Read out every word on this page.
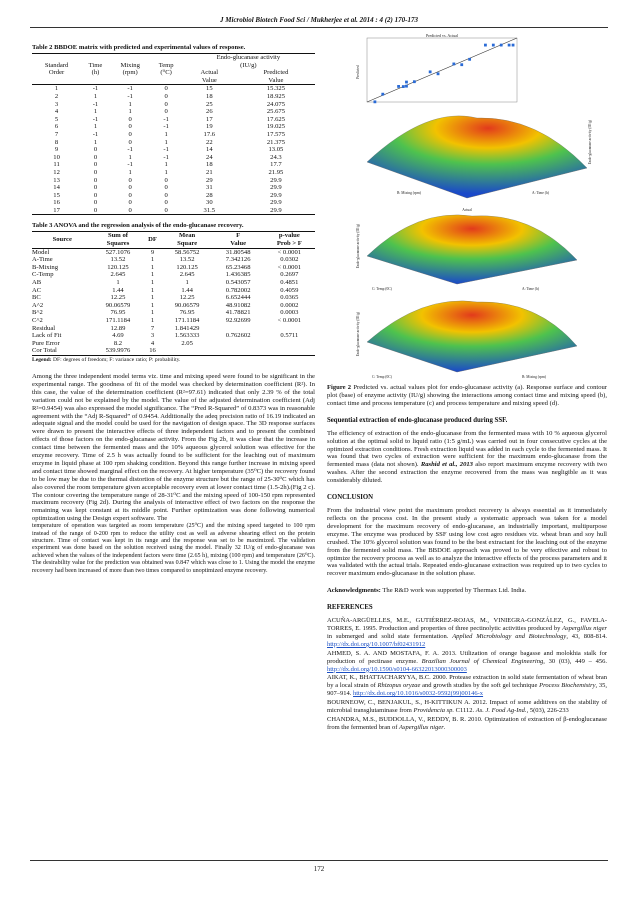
J Microbiol Biotech Food Sci / Mukherjee et al. 2014 : 4 (2) 170-173
Table 2 BBDOE matrix with predicted and experimental values of response.
				Endo-glucanase activity	
Standard	Time	Mixing	Temp	(IU/g)	
Order	(h)	(rpm)	(⁰C)	Actual	Predicted
				Value	Value
1	-1	-1	0	15	15.325
2	1	-1	0	18	18.925
3	-1	1	0	25	24.075
4	1	1	0	26	25.675
5	-1	0	-1	17	17.625
6	1	0	-1	19	19.025
7	-1	0	1	17.6	17.575
8	1	0	1	22	21.375
9	0	-1	-1	14	13.05
10	0	1	-1	24	24.3
11	0	-1	1	18	17.7
12	0	1	1	21	21.95
13	0	0	0	29	29.9
14	0	0	0	31	29.9
15	0	0	0	28	29.9
16	0	0	0	30	29.9
17	0	0	0	31.5	29.9
Table 3 ANOVA and the regression analysis of the endo-glucanase recovery.
Source	Sum of	DF	Mean	F	p-value
	Squares		Square	Value	Prob > F
Model	527.1076	9	58.56752	31.80548	< 0.0001
A-Time	13.52	1	13.52	7.342126	0.0302
B-Mixing	120.125	1	120.125	65.23468	< 0.0001
C-Temp	2.645	1	2.645	1.436385	0.2697
AB	1	1	1	0.543057	0.4851
AC	1.44	1	1.44	0.782002	0.4059
BC	12.25	1	12.25	6.652444	0.0365
A^2	90.06579	1	90.06579	48.91082	0.0002
B^2	76.95	1	76.95	41.78821	0.0003
C^2	171.1184	1	171.1184	92.92699	< 0.0001
Residual	12.89	7	1.841429		
Lack of Fit	4.69	3	1.563333	0.762602	0.5711
Pure Error	8.2	4	2.05		
Cor Total	539.9976	16			
Legend: DF: degrees of freedom; F: variance ratio; P: probability.
Among the three independent model terms viz. time and mixing speed were found to be significant in the experimental range. The goodness of fit of the model was checked by determination coefficient (R²). In this case, the value of the determination coefficient (R²=97.61) indicated that only 2.39 % of the total variation could not be explained by the model. The value of the adjusted determination coefficient (Adj R²=0.9454) was also expressed the model significance. The “Pred R-Squared” of 0.8373 was in reasonable agreement with the “Adj R-Squared” of 0.9454. Additionally the adeq precision ratio of 16.19 indicated an adequate signal and the model could be used for the navigation of design space. The 3D response surfaces were drawn to present the interactive effects of three independent factors and to present the combined effects of those factors on the endo-glucanase activity. From the Fig 2b, it was clear that the increase in contact time between the fermented mass and the 10% aqueous glycerol solution was effective for the enzyme recovery. Time of 2.5 h was actually found to be sufficient for the leaching out of maximum enzyme in liquid phase at 100 rpm shaking condition. Beyond this range further increase in mixing speed and contact time showed marginal effect on the recovery. At higher temperature (35⁰C) the recovery found to be low may be due to the thermal distortion of the enzyme structure but the range of 25-30⁰C which has also covered the room temperature given acceptable recovery even at lower contact time (1.5-2h).(Fig 2 c). The contour covering the temperature range of 28-31⁰C and the mixing speed of 100-150 rpm represented maximum recovery (Fig 2d). During the analysis of interactive effect of two factors on the response the remaining was kept constant at its middle point. Further optimization was done following numerical optimization using the Design expert software. The
temperature of operation was targeted as room temperature (25⁰C) and the mixing speed targeted to 100 rpm instead of the range of 0-200 rpm to reduce the utility cost as well as adverse shearing effect on the protein structure. Time of contact was kept in its range and the response was set to be maximized. The validation experiment was done based on the solution received using the model. Finally 32 IU/g of endo-glucanase was achieved when the values of the independent factors were time (2.65 h), mixing (100 rpm) and temperature (26⁰C). The desirability value for the prediction was obtained was 0.847 which was close to 1. Using the model the enzyme recovery had been increased of more than two times compared to unoptimized enzyme recovery.
Predicted vs. Actual
Predicted
Endo-glucanase activity (IU/g)
B: Mixing (rpm)	A: Time (h)
Actual
Endo-glucanase activity (IU/g)
C: Temp (0C)	A: Time (h)
Endo-glucanase activity (IU/g)
C: Temp (0C)	B: Mixing (rpm)
Figure 2 Predicted vs. actual values plot for endo-glucanase activity (a). Response surface and contour plot (base) of enzyme activity (IU/g) showing the interactions among contact time and mixing speed (b), contact time and process temperature (c) and process temperature and mixing speed (d).
Sequential extraction of endo-glucanase produced during SSF.
The efficiency of extraction of the endo-glucanase from the fermented mass with 10 % aqueous glycerol solution at the optimal solid to liquid ratio (1:5 g/mL) was carried out in four consecutive cycles at the optimized extraction conditions. Fresh extraction liquid was added in each cycle to the fermented mass. It was found that two cycles of extraction were sufficient for the maximum endo-glucanase from the fermented mass (data not shown). Rashid et al., 2013 also report maximum enzyme recovery with two washes. After the second extraction the enzyme recovered from the mass was negligible as it was considerably diluted.
CONCLUSION
From the industrial view point the maximum product recovery is always essential as it immediately reflects on the process cost. In the present study a systematic approach was taken for a model development for the maximum recovery of endo-glucanase, an industrially important, multipurpose enzyme. The enzyme was produced by SSF using low cost agro residues viz. wheat bran and soy hull crushed. The 10% glycerol solution was found to be the best extractant for the leaching out of the enzyme from the fermented solid mass. The BBDOE approach was proved to be very effective and robust to optimize the recovery process as well as to analyze the interactive effects of the process parameters and it was validated with the actual trials. Repeated endo-glucanase extraction was required up to two cycles to recover maximum endo-glucanase in the solution phase.
Acknowledgments: The R&D work was supported by Thermax Ltd. India.
REFERENCES
ACUÑA-ARGÜELLES, M.E., GUTIÉRREZ-ROJAS, M., VINIEGRA-GONZÁLEZ, G., FAVELA-TORRES, E. 1995. Production and properties of three pectinolytic activities produced by Aspergillus niger in submerged and solid state fermentation. Applied Microbiology and Biotechnology, 43, 808-814. http://dx.doi.org/10.1007/bf02431912
AHMED, S. A. AND MOSTAFA, F. A. 2013. Utilization of orange bagasse and molokhia stalk for production of pectinase enzyme. Brazilian Journal of Chemical Engineering, 30 (03), 449 – 456. http://dx.doi.org/10.1590/s0104-66322013000300003
AIKAT, K., BHATTACHARYYA, B.C. 2000. Protease extraction in solid state fermentation of wheat bran by a local strain of Rhizopus oryzae and growth studies by the soft gel technique Process Biochemistry, 35, 907–914. http://dx.doi.org/10.1016/s0032-9592(99)00146-x
BOURNEOW, C., BENJAKUL, S., H-KITTIKUN A. 2012. Impact of some additives on the stability of microbial transglutaminase from Providencia sp. C1112. As. J. Food Ag-Ind., 5(03), 226-233
CHANDRA, M.S., BUDDOLLA, V., REDDY, B. R. 2010. Optimization of extraction of β-endoglucanase from the fermented bran of Aspergillus niger.
172
